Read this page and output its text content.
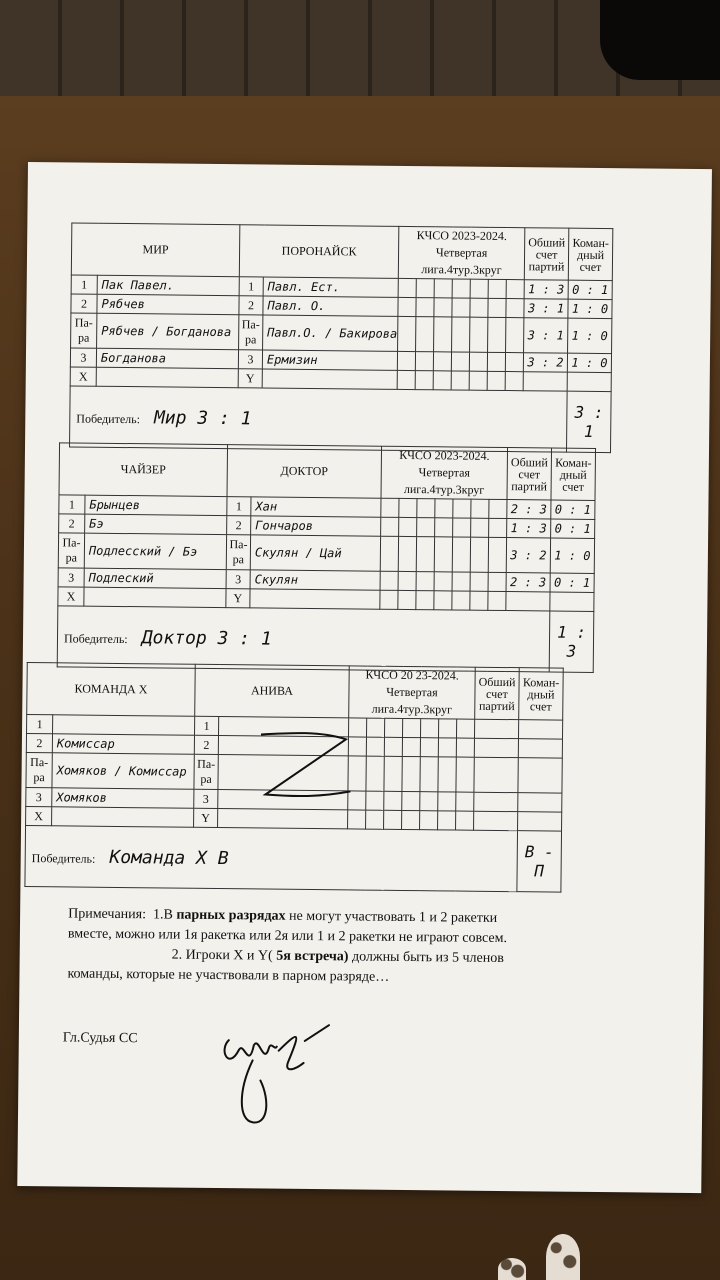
МИР		ПОРОНАЙСК		КЧСО 2023-2024. Четвертая лига.4тур.3круг							Обший счет партий	Коман-дный счет
1	Пак Павел.	1	Павл. Ест.								1 : 3	0 : 1
2	Рябчев	2	Павл. О.								3 : 1	1 : 0
Па-ра	Рябчев / Богданова	Па-ра	Павл.О. / Бакирова								3 : 1	1 : 0
3	Богданова	3	Ермизин								3 : 2	1 : 0
X		Y										
Победитель: Мир 3 : 1												3 : 1
ЧАЙЗЕР		ДОКТОР		КЧСО 2023-2024. Четвертая лига.4тур.3круг							Обший счет партий	Коман-дный счет
1	Брынцев	1	Хан								2 : 3	0 : 1
2	Бэ	2	Гончаров								1 : 3	0 : 1
Па-ра	Подлесский / Бэ	Па-ра	Скулян / Цай								3 : 2	1 : 0
3	Подлеский	3	Скулян								2 : 3	0 : 1
X		Y										
Победитель: Доктор 3 : 1												1 : 3
КОМАНДА Х		АНИВА		КЧСО 20 23-2024. Четвертая лига.4тур.3круг							Обший счет партий	Коман-дный счет
1		1										
2	Комиссар	2										
Па-ра	Хомяков / Комиссар	Па-ра										
3	Хомяков	3										
X		Y										
Победитель: Команда Х В												В - П

Примечания: 1.В парных разрядах не могут участвовать 1 и 2 ракетки

вместе, можно или 1я ракетка или 2я или 1 и 2 ракетки не играют совсем.

2. Игроки X и Y( 5я встреча) должны быть из 5 членов

команды, которые не участвовали в парном разряде…

Гл.Судья СС
